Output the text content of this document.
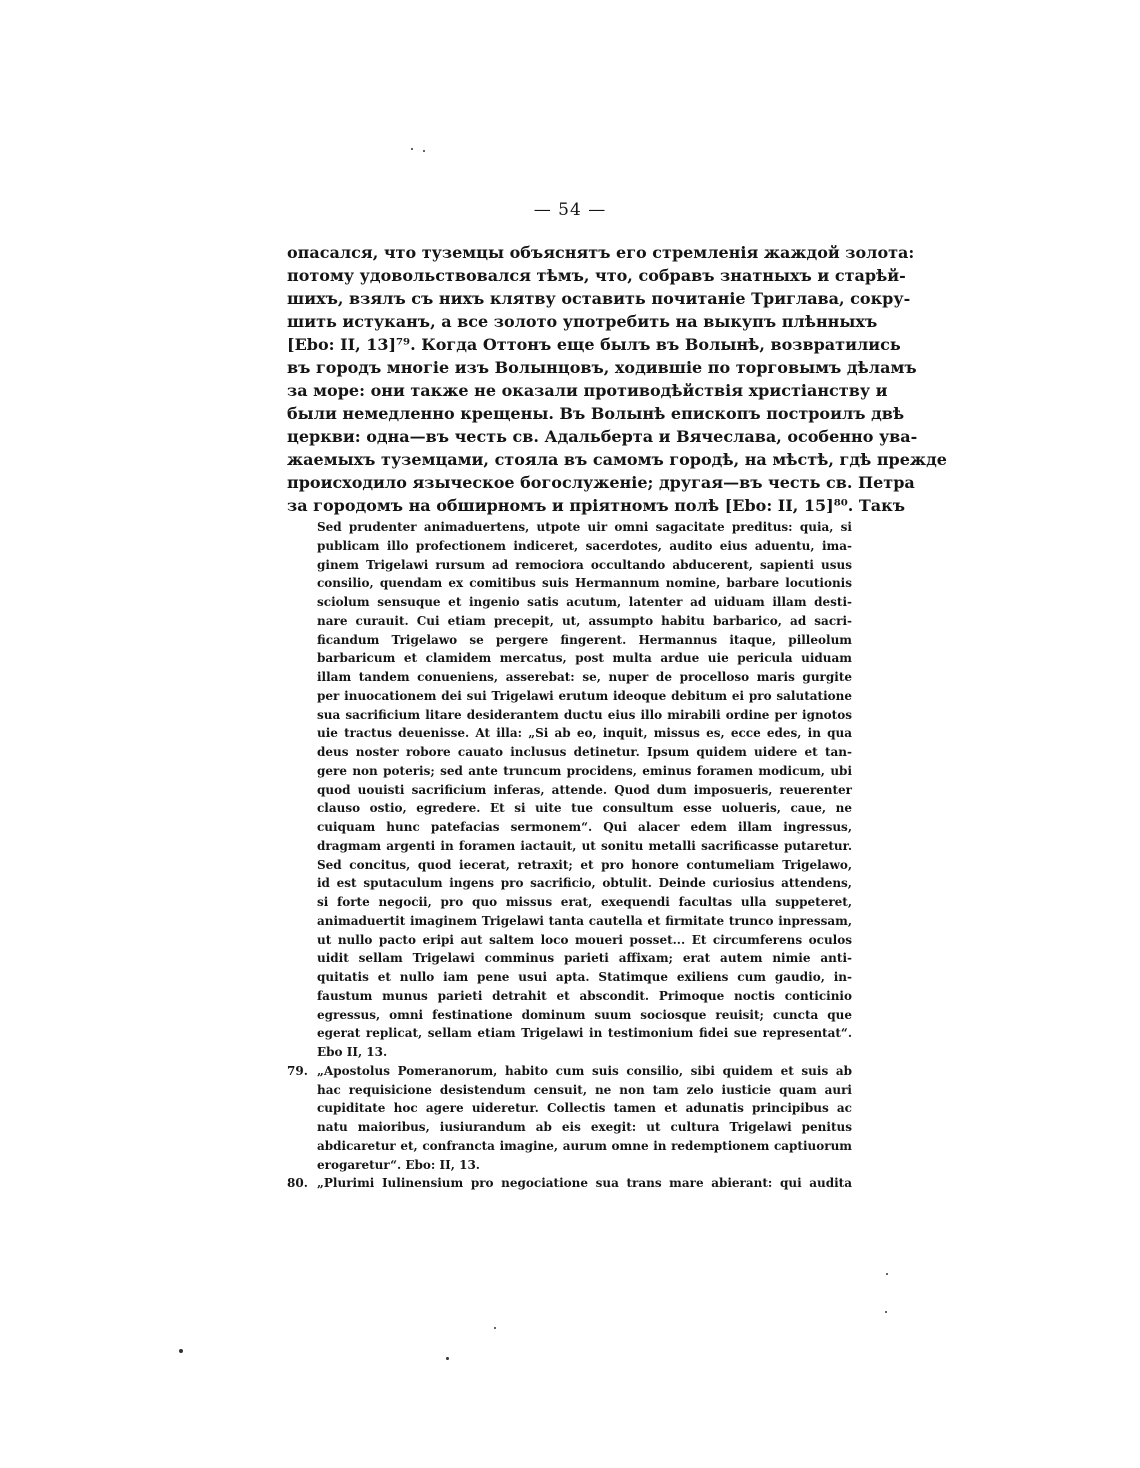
— 54 —
опасался, что туземцы объяснятъ его стремленія жаждой золота:
потому удовольствовался тѣмъ, что, собравъ знатныхъ и старѣй-
шихъ, взялъ съ нихъ клятву оставить почитаніе Триглава, сокру-
шить истуканъ, а все золото употребить на выкупъ плѣнныхъ
[Ebo: II, 13]⁷⁹. Когда Оттонъ еще былъ въ Волынѣ, возвратились
въ городъ многіе изъ Волынцовъ, ходившіе по торговымъ дѣламъ
за море: они также не оказали противодѣйствія христіанству и
были немедленно крещены. Въ Волынѣ епископъ построилъ двѣ
церкви: одна—въ честь св. Адальберта и Вячеслава, особенно ува-
жаемыхъ туземцами, стояла въ самомъ городѣ, на мѣстѣ, гдѣ прежде
происходило языческое богослуженіе; другая—въ честь св. Петра
за городомъ на обширномъ и пріятномъ полѣ [Ebo: II, 15]⁸⁰. Такъ
Sed prudenter animaduertens, utpote uir omni sagacitate preditus: quia, si
publicam illo profectionem indiceret, sacerdotes, audito eius aduentu, ima-
ginem Trigelawi rursum ad remociora occultando abducerent, sapienti usus
consilio, quendam ex comitibus suis Hermannum nomine, barbare locutionis
sciolum sensuque et ingenio satis acutum, latenter ad uiduam illam desti-
nare curauit. Cui etiam precepit, ut, assumpto habitu barbarico, ad sacri-
ficandum Trigelawo se pergere fingerent. Hermannus itaque, pilleolum
barbaricum et clamidem mercatus, post multa ardue uie pericula uiduam
illam tandem conueniens, asserebat: se, nuper de procelloso maris gurgite
per inuocationem dei sui Trigelawi erutum ideoque debitum ei pro salutatione
sua sacrificium litare desiderantem ductu eius illo mirabili ordine per ignotos
uie tractus deuenisse. At illa: „Si ab eo, inquit, missus es, ecce edes, in qua
deus noster robore cauato inclusus detinetur. Ipsum quidem uidere et tan-
gere non poteris; sed ante truncum procidens, eminus foramen modicum, ubi
quod uouisti sacrificium inferas, attende. Quod dum imposueris, reuerenter
clauso ostio, egredere. Et si uite tue consultum esse uolueris, caue, ne
cuiquam hunc patefacias sermonem“. Qui alacer edem illam ingressus,
dragmam argenti in foramen iactauit, ut sonitu metalli sacrificasse putaretur.
Sed concitus, quod iecerat, retraxit; et pro honore contumeliam Trigelawo,
id est sputaculum ingens pro sacrificio, obtulit. Deinde curiosius attendens,
si forte negocii, pro quo missus erat, exequendi facultas ulla suppeteret,
animaduertit imaginem Trigelawi tanta cautella et firmitate trunco inpressam,
ut nullo pacto eripi aut saltem loco moueri posset... Et circumferens oculos
uidit sellam Trigelawi comminus parieti affixam; erat autem nimie anti-
quitatis et nullo iam pene usui apta. Statimque exiliens cum gaudio, in-
faustum munus parieti detrahit et abscondit. Primoque noctis conticinio
egressus, omni festinatione dominum suum sociosque reuisit; cuncta que
egerat replicat, sellam etiam Trigelawi in testimonium fidei sue representat“.
Ebo II, 13.
79. „Apostolus Pomeranorum, habito cum suis consilio, sibi quidem et suis ab
hac requisicione desistendum censuit, ne non tam zelo iusticie quam auri
cupiditate hoc agere uideretur. Collectis tamen et adunatis principibus ac
natu maioribus, iusiurandum ab eis exegit: ut cultura Trigelawi penitus
abdicaretur et, confrancta imagine, aurum omne in redemptionem captiuorum
erogaretur“. Ebo: II, 13.
80. „Plurimi Iulinensium pro negociatione sua trans mare abierant: qui audita
